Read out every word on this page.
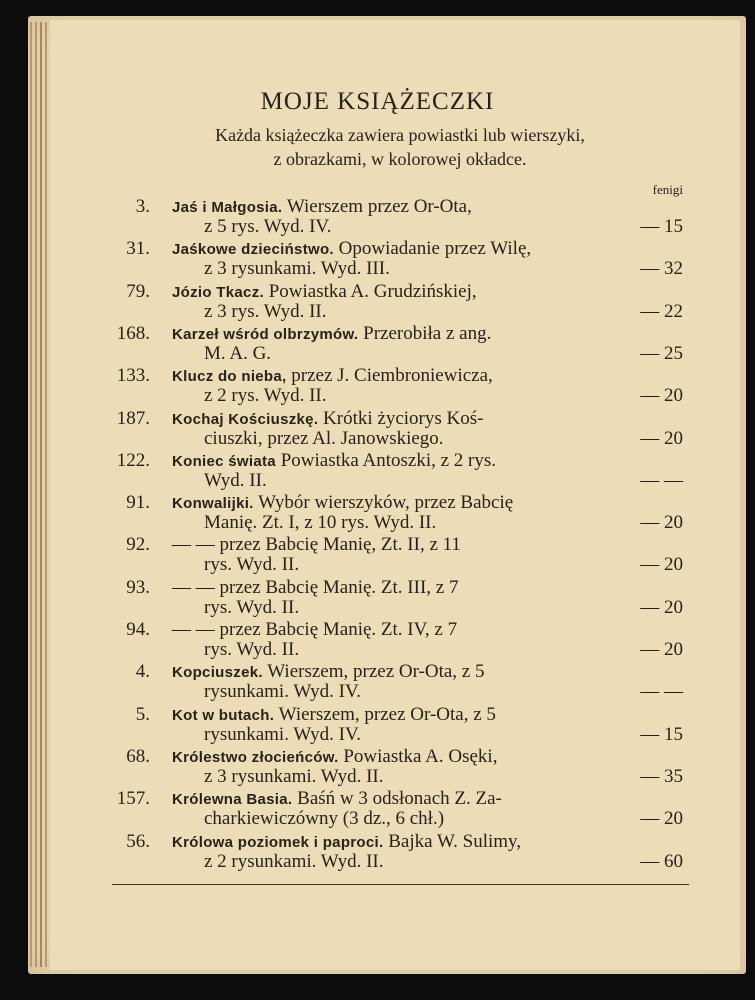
MOJE KSIĄŻECZKI
Każda książeczka zawiera powiastki lub wierszyki,
z obrazkami, w kolorowej okładce.
fenigi
3. Jaś i Małgosia. Wierszem przez Or-Ota,
z 5 rys. Wyd. IV.	— 15
31. Jaśkowe dzieciństwo. Opowiadanie przez Wilę,
z 3 rysunkami. Wyd. III.	— 32
79. Józio Tkacz. Powiastka A. Grudzińskiej,
z 3 rys. Wyd. II.	— 22
168. Karzeł wśród olbrzymów. Przerobiła z ang.
M. A. G.	— 25
133. Klucz do nieba, przez J. Ciembroniewicza,
z 2 rys. Wyd. II.	— 20
187. Kochaj Kościuszkę. Krótki życiorys Koś-
ciuszki, przez Al. Janowskiego.	— 20
122. Koniec świata Powiastka Antoszki, z 2 rys.
Wyd. II.	— —
91. Konwalijki. Wybór wierszyków, przez Babcię
Manię. Zt. I, z 10 rys. Wyd. II.	— 20
92. — — przez Babcię Manię, Zt. II, z 11
rys. Wyd. II.	— 20
93. — — przez Babcię Manię. Zt. III, z 7
rys. Wyd. II.	— 20
94. — — przez Babcię Manię. Zt. IV, z 7
rys. Wyd. II.	— 20
4. Kopciuszek. Wierszem, przez Or-Ota, z 5
rysunkami. Wyd. IV.	— —
5. Kot w butach. Wierszem, przez Or-Ota, z 5
rysunkami. Wyd. IV.	— 15
68. Królestwo złocieńców. Powiastka A. Osęki,
z 3 rysunkami. Wyd. II.	— 35
157. Królewna Basia. Baśń w 3 odsłonach Z. Za-
charkiewiczówny (3 dz., 6 chł.)	— 20
56. Królowa poziomek i paproci. Bajka W. Sulimy,
z 2 rysunkami. Wyd. II.	— 60
